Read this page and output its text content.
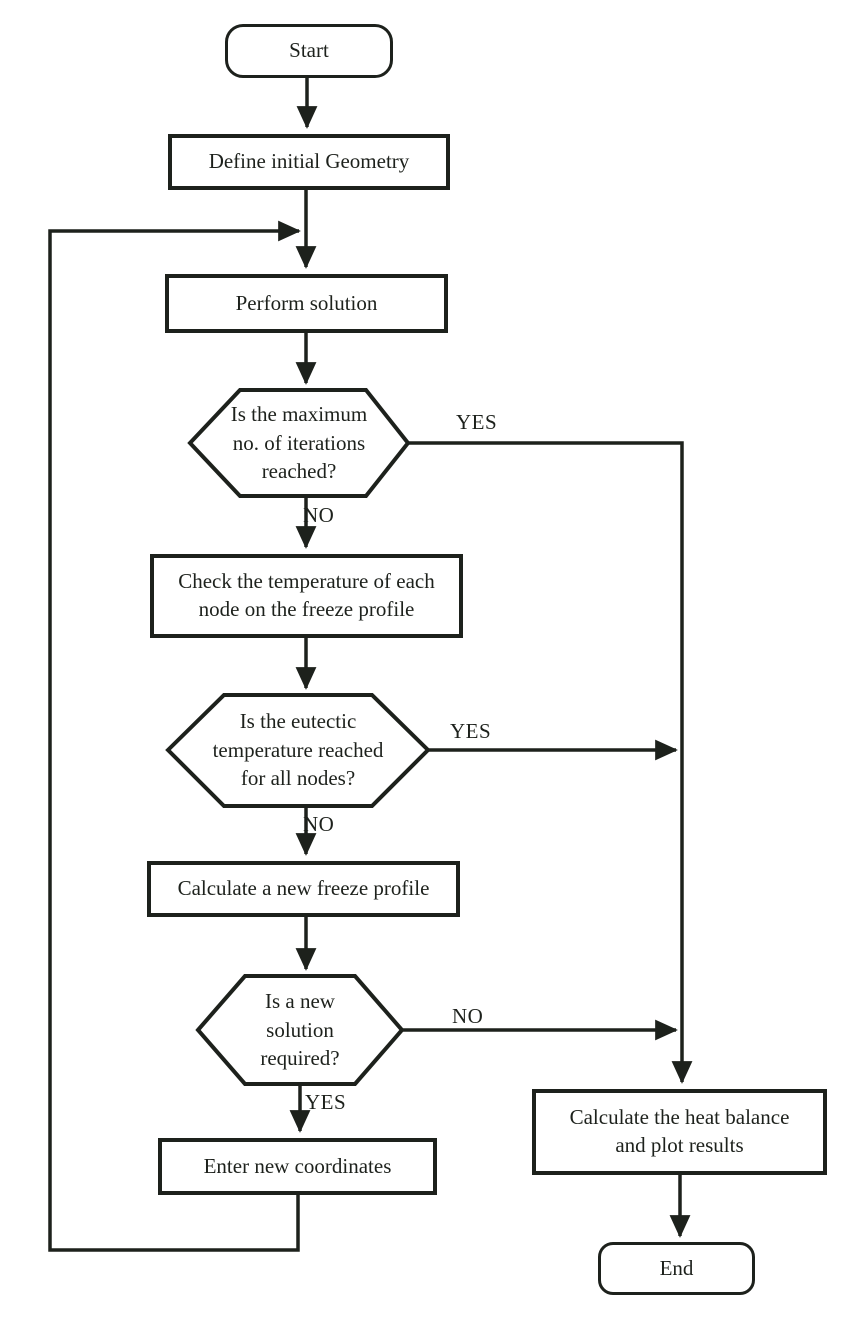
Start
Define initial Geometry
Perform solution
Is the maximum
no. of iterations
reached?
Check the temperature of each
node on the freeze profile
Is the eutectic
temperature reached
for all nodes?
Calculate a new freeze profile
Is a new
solution
required?
Enter new coordinates
Calculate the heat balance
and plot results
End
YES
NO
YES
NO
NO
YES
